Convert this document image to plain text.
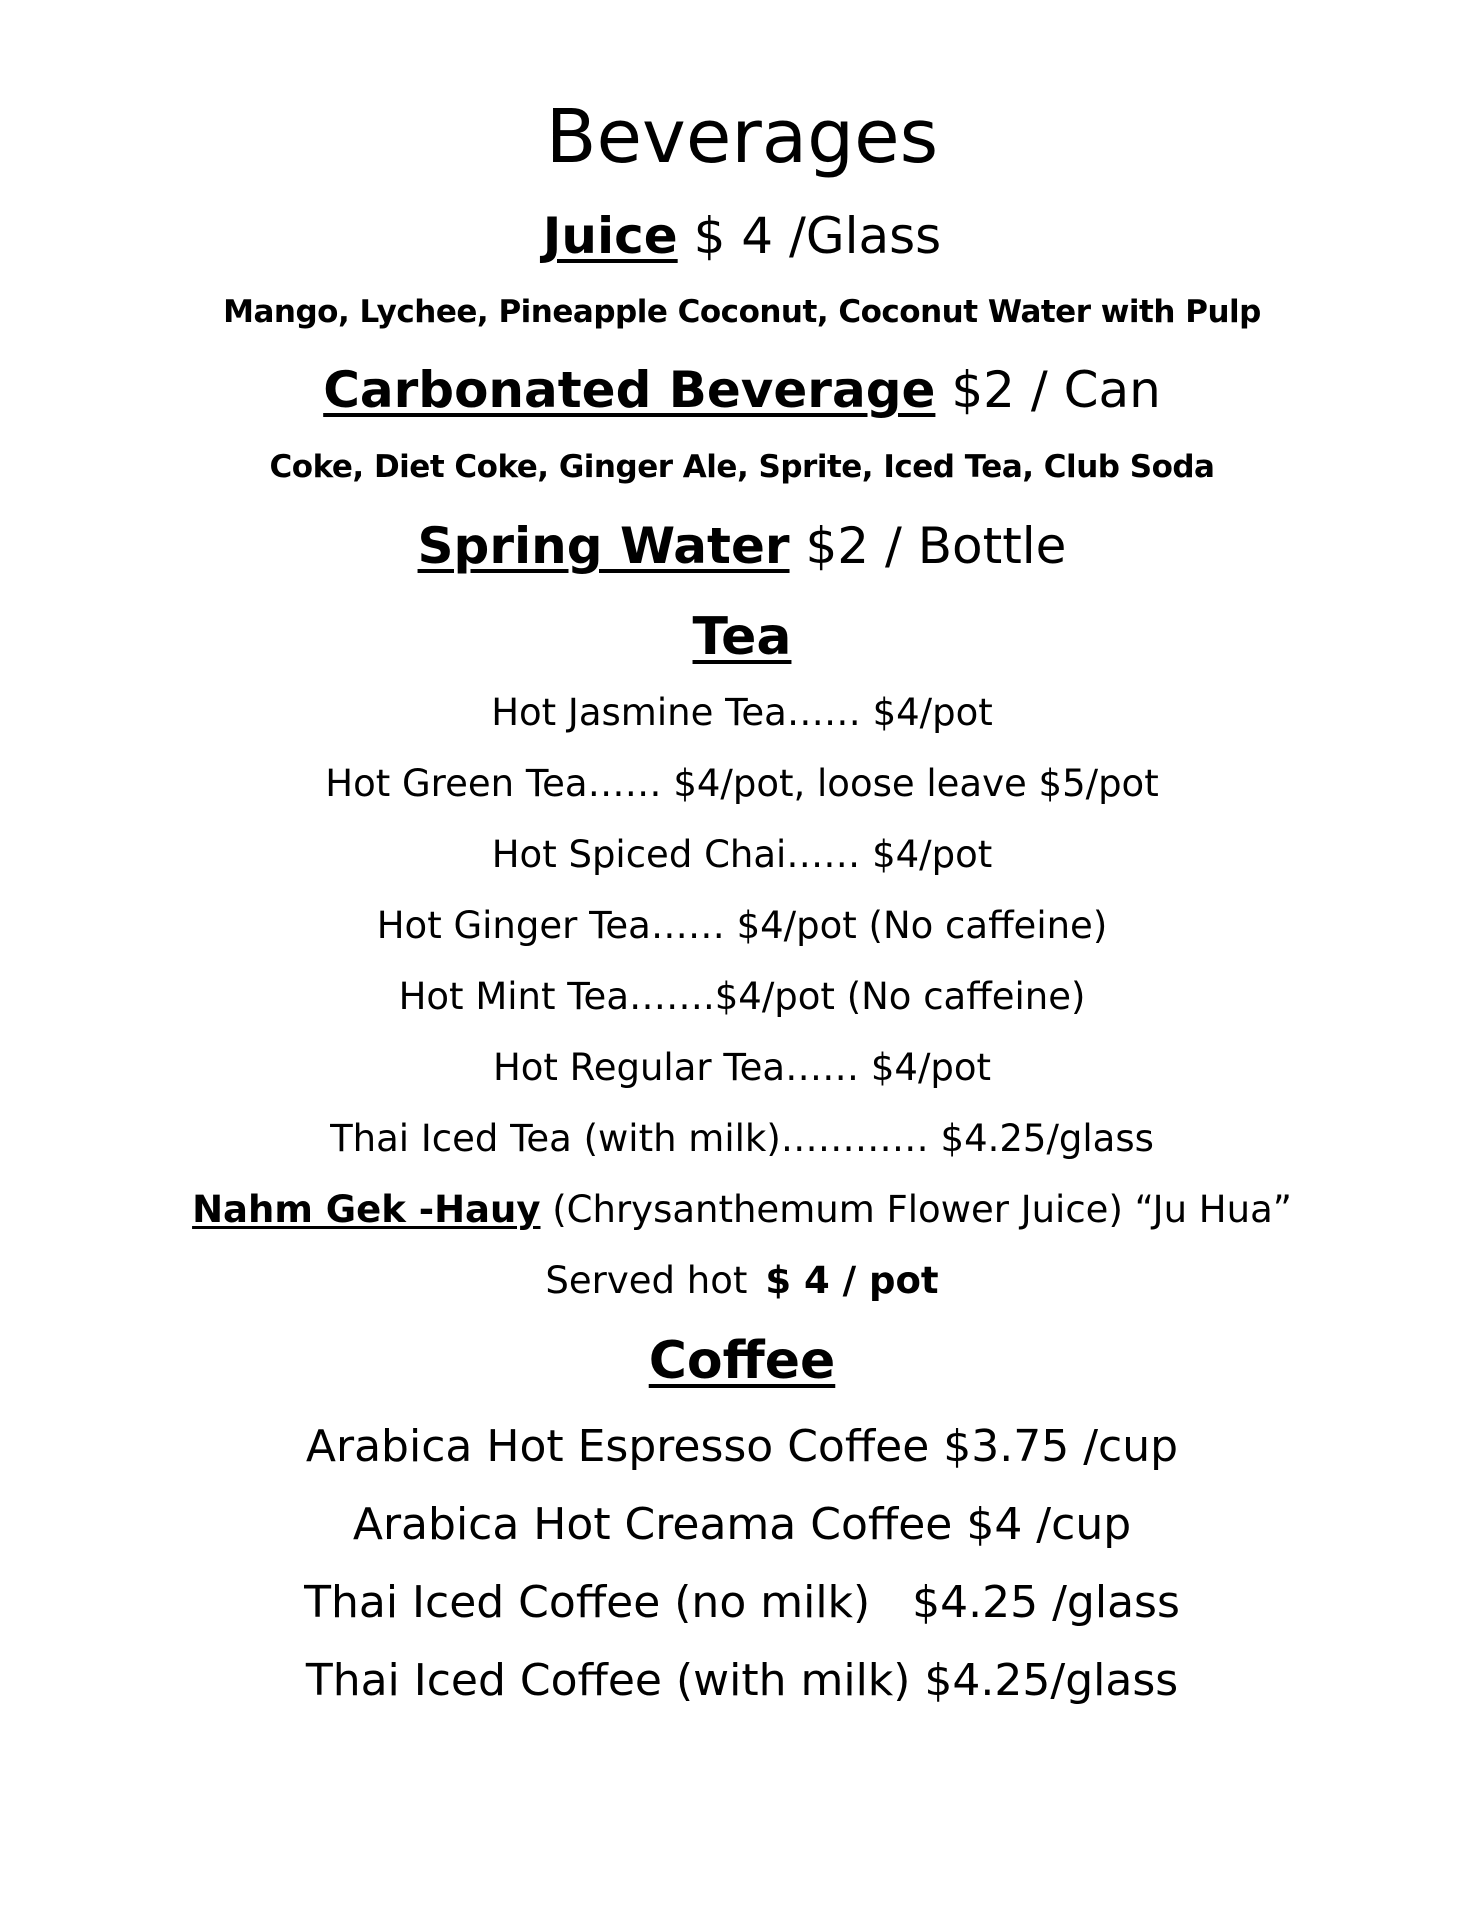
Beverages
Juice $ 4 /Glass
Mango, Lychee, Pineapple Coconut, Coconut Water with Pulp
Carbonated Beverage $2 / Can
Coke, Diet Coke, Ginger Ale, Sprite, Iced Tea, Club Soda
Spring Water $2 / Bottle
Tea
Hot Jasmine Tea…… $4/pot
Hot Green Tea…… $4/pot, loose leave $5/pot
Hot Spiced Chai…… $4/pot
Hot Ginger Tea…… $4/pot (No caffeine)
Hot Mint Tea…….$4/pot (No caffeine)
Hot Regular Tea…… $4/pot
Thai Iced Tea (with milk)………… $4.25/glass
Nahm Gek -Hauy (Chrysanthemum Flower Juice) “Ju Hua”
Served hot $ 4 / pot
Coffee
Arabica Hot Espresso Coffee $3.75 /cup
Arabica Hot Creama Coffee $4 /cup
Thai Iced Coffee (no milk)   $4.25 /glass
Thai Iced Coffee (with milk) $4.25/glass
